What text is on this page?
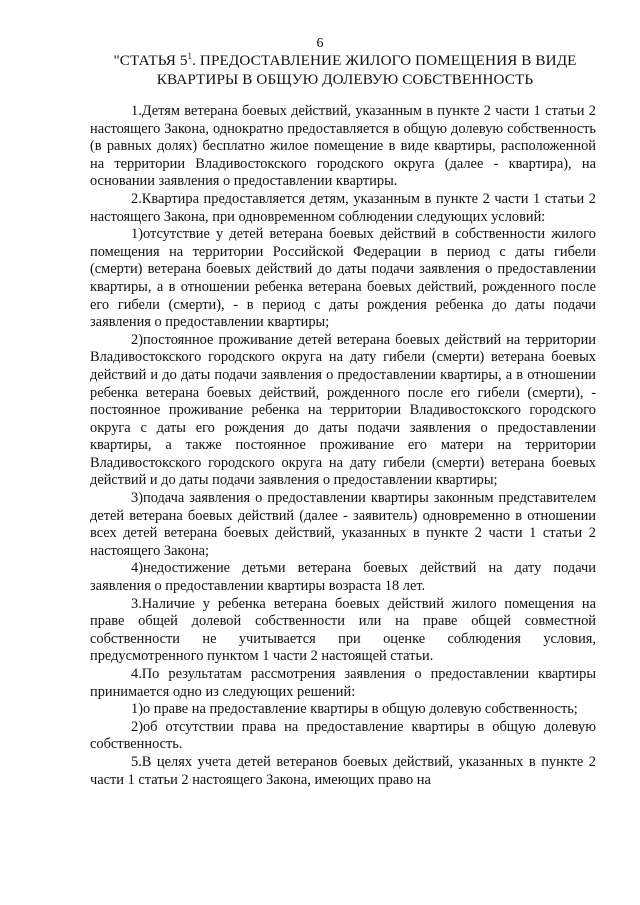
6
"СТАТЬЯ $5^1$. ПРЕДОСТАВЛЕНИЕ ЖИЛОГО ПОМЕЩЕНИЯ В ВИДЕ КВАРТИРЫ В ОБЩУЮ ДОЛЕВУЮ СОБСТВЕННОСТЬ

1.Детям ветерана боевых действий, указанным в пункте 2 части 1 статьи 2 настоящего Закона, однократно предоставляется в общую долевую собственность (в равных долях) бесплатно жилое помещение в виде квартиры, расположенной на территории Владивостокского городского округа (далее - квартира), на основании заявления о предоставлении квартиры.

2.Квартира предоставляется детям, указанным в пункте 2 части 1 статьи 2 настоящего Закона, при одновременном соблюдении следующих условий:

1)отсутствие у детей ветерана боевых действий в собственности жилого помещения на территории Российской Федерации в период с даты гибели (смерти) ветерана боевых действий до даты подачи заявления о предоставлении квартиры, а в отношении ребенка ветерана боевых действий, рожденного после его гибели (смерти), - в период с даты рождения ребенка до даты подачи заявления о предоставлении квартиры;

2)постоянное проживание детей ветерана боевых действий на территории Владивостокского городского округа на дату гибели (смерти) ветерана боевых действий и до даты подачи заявления о предоставлении квартиры, а в отношении ребенка ветерана боевых действий, рожденного после его гибели (смерти), - постоянное проживание ребенка на территории Владивостокского городского округа с даты его рождения до даты подачи заявления о предоставлении квартиры, а также постоянное проживание его матери на территории Владивостокского городского округа на дату гибели (смерти) ветерана боевых действий и до даты подачи заявления о предоставлении квартиры;

3)подача заявления о предоставлении квартиры законным представителем детей ветерана боевых действий (далее - заявитель) одновременно в отношении всех детей ветерана боевых действий, указанных в пункте 2 части 1 статьи 2 настоящего Закона;

4)недостижение детьми ветерана боевых действий на дату подачи заявления о предоставлении квартиры возраста 18 лет.

3.Наличие у ребенка ветерана боевых действий жилого помещения на праве общей долевой собственности или на праве общей совместной собственности не учитывается при оценке соблюдения условия, предусмотренного пунктом 1 части 2 настоящей статьи.

4.По результатам рассмотрения заявления о предоставлении квартиры принимается одно из следующих решений:

1)о праве на предоставление квартиры в общую долевую собственность;

2)об отсутствии права на предоставление квартиры в общую долевую собственность.

5.В целях учета детей ветеранов боевых действий, указанных в пункте 2 части 1 статьи 2 настоящего Закона, имеющих право на
